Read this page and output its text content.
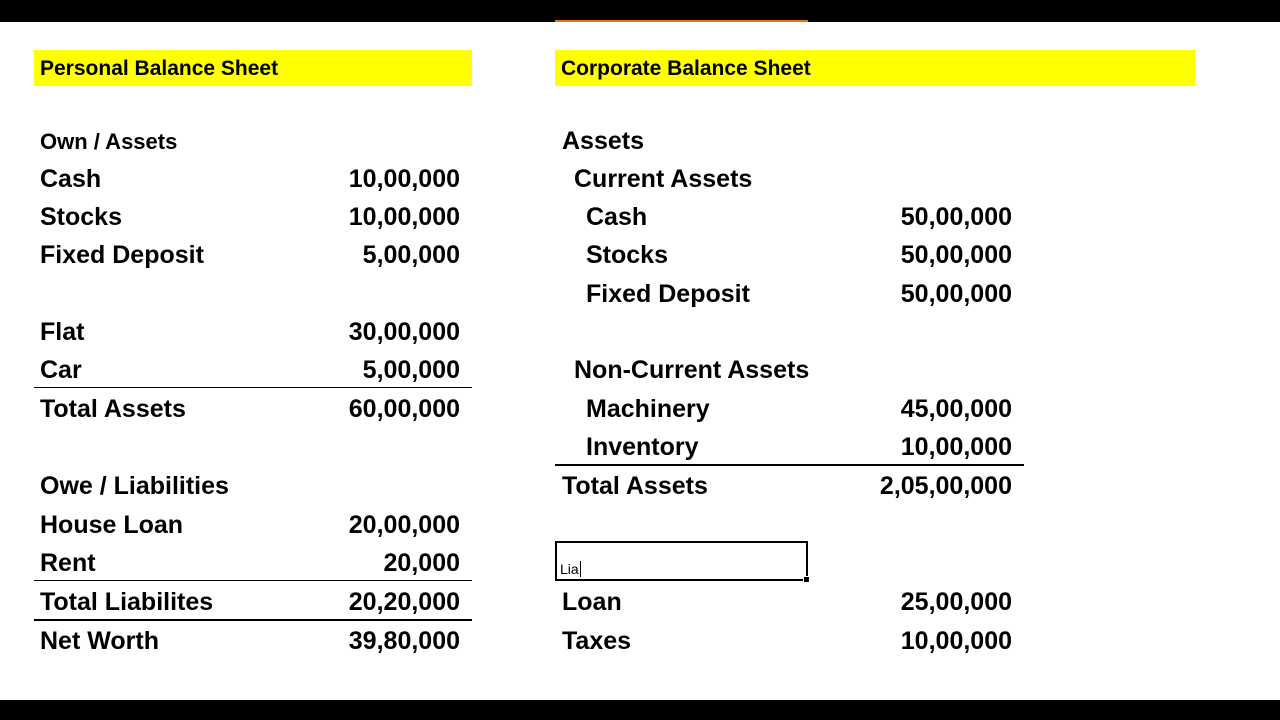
Personal Balance Sheet
Own / Assets
Cash	10,00,000
Stocks	10,00,000
Fixed Deposit	5,00,000
Flat	30,00,000
Car	5,00,000
Total Assets	60,00,000
Owe / Liabilities
House Loan	20,00,000
Rent	20,000
Total Liabilites	20,20,000
Net Worth	39,80,000
Corporate Balance Sheet
Assets
Current Assets
Cash	50,00,000
Stocks	50,00,000
Fixed Deposit	50,00,000
Non-Current Assets
Machinery	45,00,000
Inventory	10,00,000
Total Assets	2,05,00,000
Lia
Loan	25,00,000
Taxes	10,00,000
